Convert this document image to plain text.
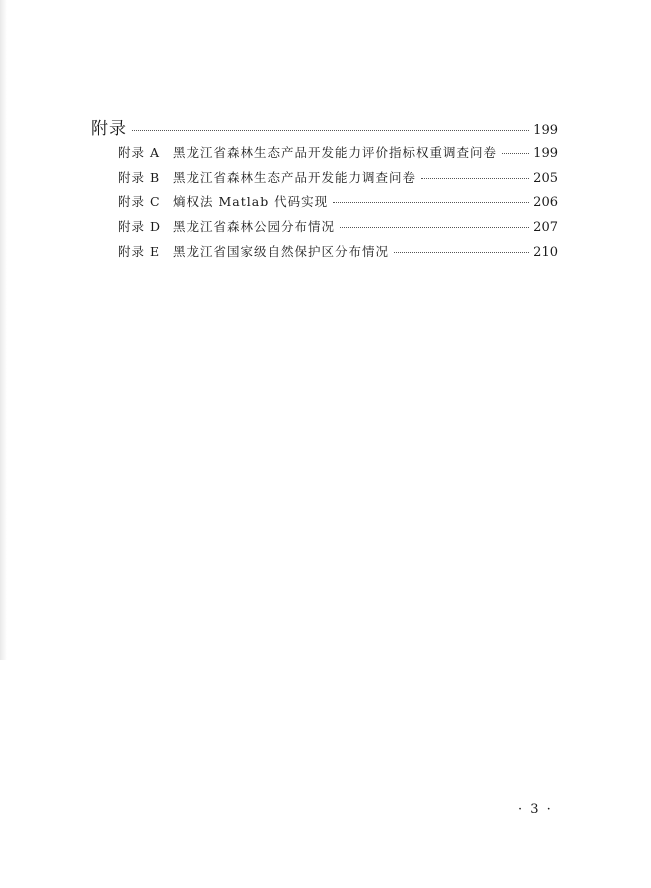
附录	199
附录 A	黑龙江省森林生态产品开发能力评价指标权重调查问卷	199
附录 B	黑龙江省森林生态产品开发能力调查问卷	205
附录 C 熵权法 Matlab 代码实现	206
附录 D 黑龙江省森林公园分布情况	207
附录 E	黑龙江省国家级自然保护区分布情况	210
· 3 ·
